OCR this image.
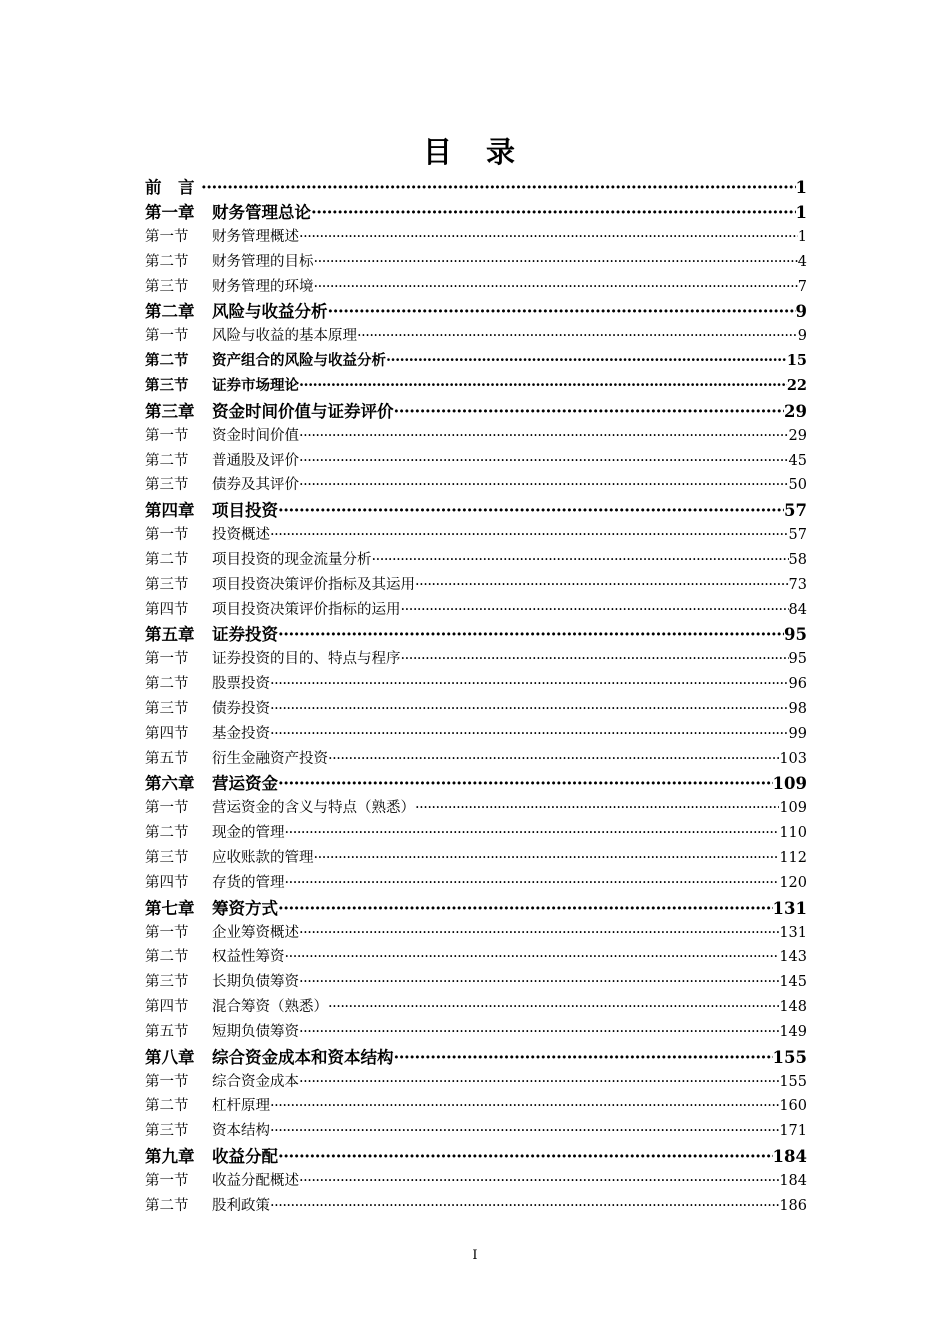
目 录
前　言 ·····	1
第一章	财务管理总论 ·····	1
第一节	财务管理概述 ·····	1
第二节	财务管理的目标 ·····	4
第三节	财务管理的环境 ·····	7
第二章	风险与收益分析 ·····	9
第一节	风险与收益的基本原理 ·····	9
第二节	资产组合的风险与收益分析 ·····	15
第三节	证券市场理论 ·····	22
第三章	资金时间价值与证券评价 ·····	29
第一节	资金时间价值 ·····	29
第二节	普通股及评价 ·····	45
第三节	债券及其评价 ·····	50
第四章	项目投资 ·····	57
第一节	投资概述 ·····	57
第二节	项目投资的现金流量分析 ·····	58
第三节	项目投资决策评价指标及其运用 ·····	73
第四节	项目投资决策评价指标的运用 ·····	84
第五章	证券投资 ·····	95
第一节	证券投资的目的、特点与程序 ·····	95
第二节	股票投资 ·····	96
第三节	债券投资 ·····	98
第四节	基金投资 ·····	99
第五节	衍生金融资产投资 ·····	103
第六章	营运资金 ·····	109
第一节	营运资金的含义与特点（熟悉） ·····	109
第二节	现金的管理 ·····	110
第三节	应收账款的管理 ·····	112
第四节	存货的管理 ·····	120
第七章	筹资方式 ·····	131
第一节	企业筹资概述 ·····	131
第二节	权益性筹资 ·····	143
第三节	长期负债筹资 ·····	145
第四节	混合筹资（熟悉） ·····	148
第五节	短期负债筹资 ·····	149
第八章	综合资金成本和资本结构 ·····	155
第一节	综合资金成本 ·····	155
第二节	杠杆原理 ·····	160
第三节	资本结构 ·····	171
第九章	收益分配 ·····	184
第一节	收益分配概述 ·····	184
第二节	股利政策 ·····	186
I
